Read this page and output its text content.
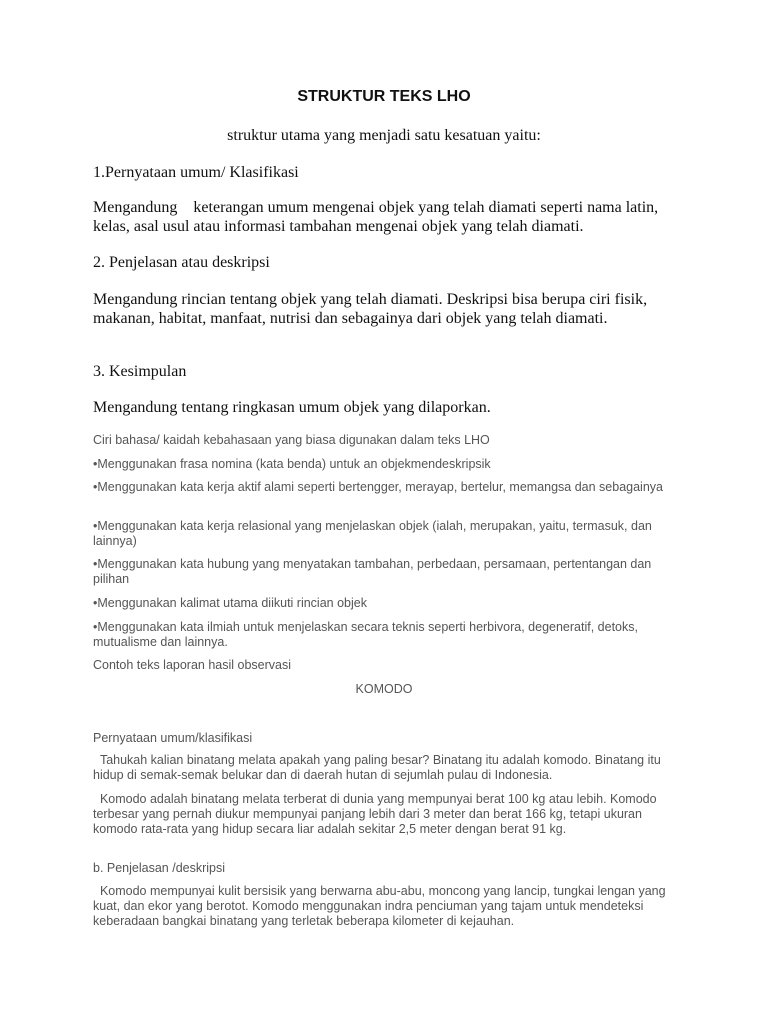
STRUKTUR TEKS LHO

struktur utama yang menjadi satu kesatuan yaitu:

1.Pernyataan umum/ Klasifikasi

Mengandung    keterangan umum mengenai objek yang telah diamati seperti nama latin, kelas, asal usul atau informasi tambahan mengenai objek yang telah diamati.

2. Penjelasan atau deskripsi

Mengandung rincian tentang objek yang telah diamati. Deskripsi bisa berupa ciri fisik, makanan, habitat, manfaat, nutrisi dan sebagainya dari objek yang telah diamati.

3. Kesimpulan

Mengandung tentang ringkasan umum objek yang dilaporkan.

Ciri bahasa/ kaidah kebahasaan yang biasa digunakan dalam teks LHO

•Menggunakan frasa nomina (kata benda) untuk an objekmendeskripsik

•Menggunakan kata kerja aktif alami seperti bertengger, merayap, bertelur, memangsa dan sebagainya

•Menggunakan kata kerja relasional yang menjelaskan objek (ialah, merupakan, yaitu, termasuk, dan lainnya)

•Menggunakan kata hubung yang menyatakan tambahan, perbedaan, persamaan, pertentangan dan pilihan

•Menggunakan kalimat utama diikuti rincian objek

•Menggunakan kata ilmiah untuk menjelaskan secara teknis seperti herbivora, degeneratif, detoks, mutualisme dan lainnya.

Contoh teks laporan hasil observasi

KOMODO

Pernyataan umum/klasifikasi

Tahukah kalian binatang melata apakah yang paling besar? Binatang itu adalah komodo. Binatang itu hidup di semak-semak belukar dan di daerah hutan di sejumlah pulau di Indonesia.

Komodo adalah binatang melata terberat di dunia yang mempunyai berat 100 kg atau lebih. Komodo terbesar yang pernah diukur mempunyai panjang lebih dari 3 meter dan berat 166 kg, tetapi ukuran komodo rata-rata yang hidup secara liar adalah sekitar 2,5 meter dengan berat 91 kg.

b. Penjelasan /deskripsi

Komodo mempunyai kulit bersisik yang berwarna abu-abu, moncong yang lancip, tungkai lengan yang kuat, dan ekor yang berotot. Komodo menggunakan indra penciuman yang tajam untuk mendeteksi keberadaan bangkai binatang yang terletak beberapa kilometer di kejauhan.
